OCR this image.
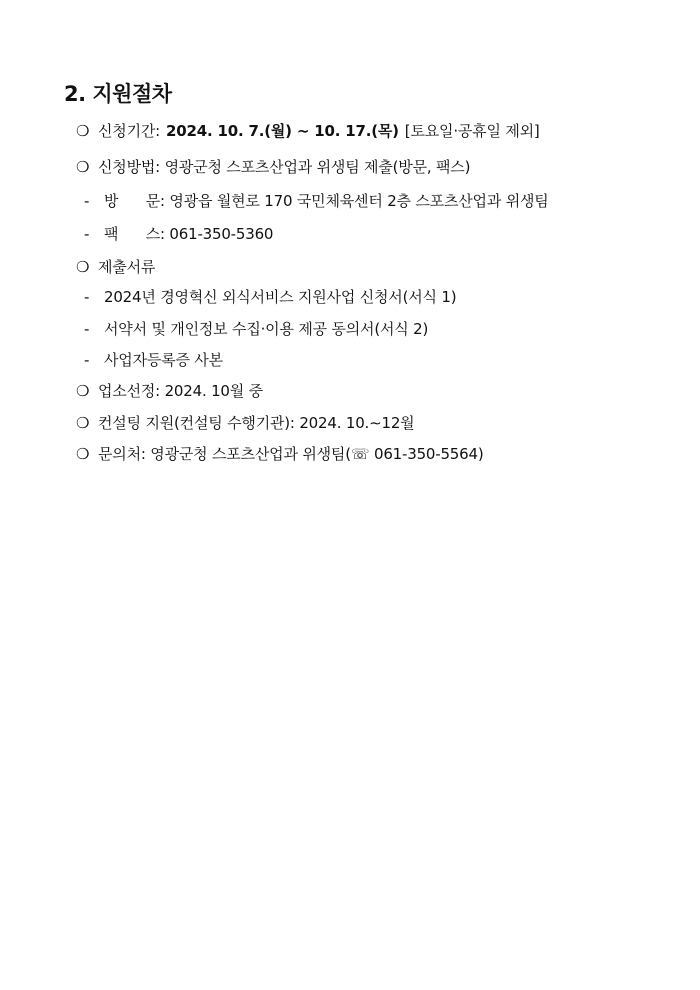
2. 지원절차
❍ 신청기간: 2024. 10. 7.(월) ∼ 10. 17.(목) [토요일·공휴일 제외]
❍ 신청방법: 영광군청 스포츠산업과 위생팀 제출(방문, 팩스)
- 방      문: 영광읍 월현로 170 국민체육센터 2층 스포츠산업과 위생팀
- 팩      스: 061-350-5360
❍ 제출서류
- 2024년 경영혁신 외식서비스 지원사업 신청서(서식 1)
- 서약서 및 개인정보 수집·이용 제공 동의서(서식 2)
- 사업자등록증 사본
❍ 업소선정: 2024. 10월 중
❍ 컨설팅 지원(컨설팅 수행기관): 2024. 10.∼12월
❍ 문의처: 영광군청 스포츠산업과 위생팀(☏ 061-350-5564)
